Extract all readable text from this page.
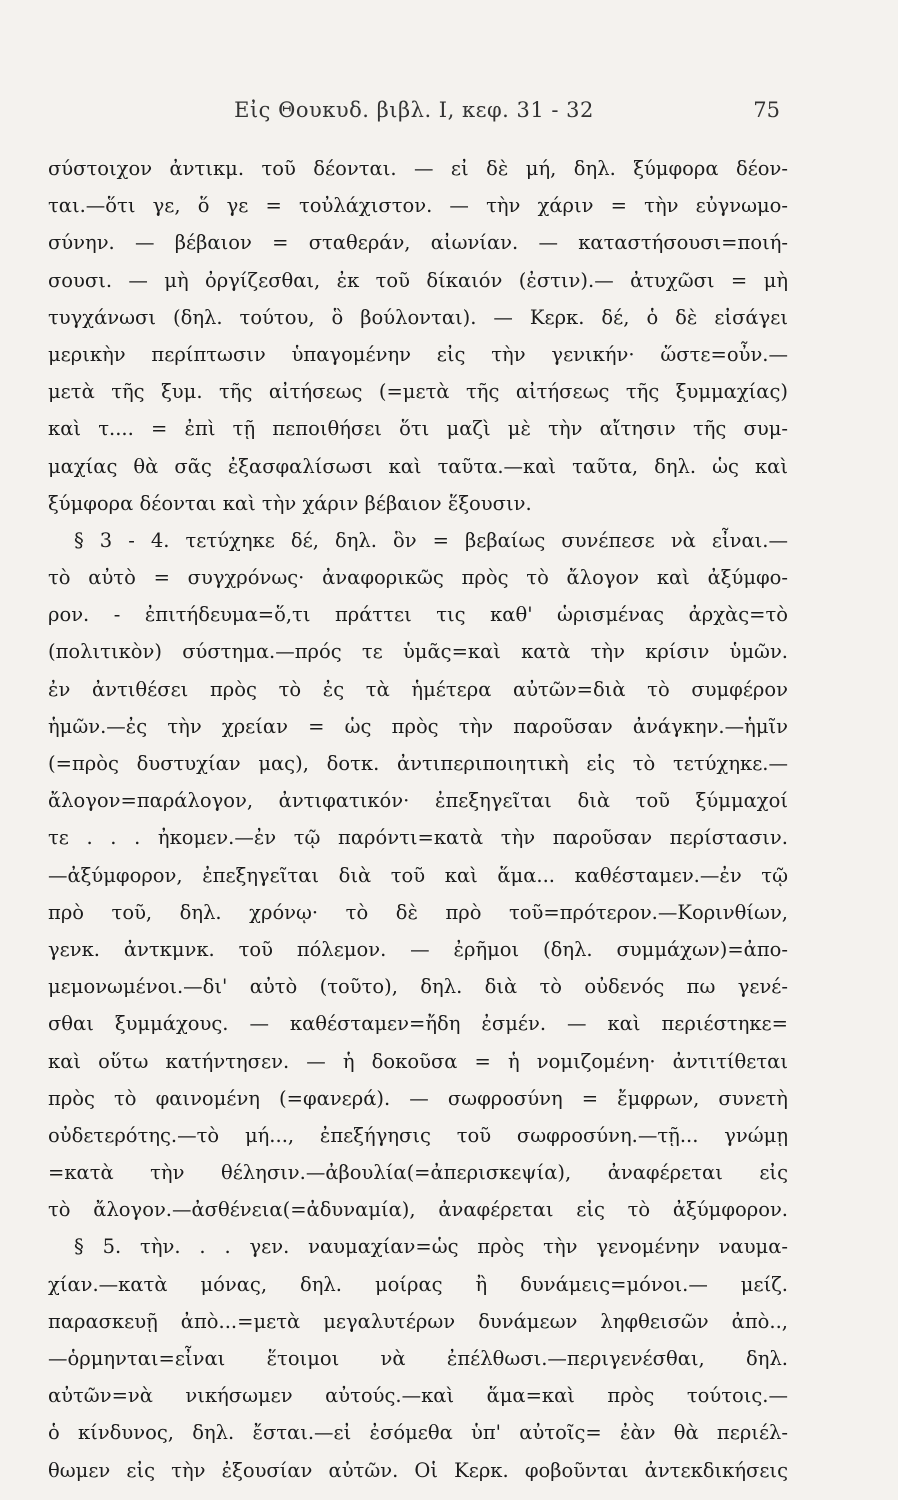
Εἰς Θουκυδ. βιβλ. Ι, κεφ. 31 - 32	75
σύστοιχον ἀντικμ. τοῦ δέονται. — εἰ δὲ μή, δηλ. ξύμφορα δέον-
ται.—ὅτι γε, ὅ γε = τοὐλάχιστον. — τὴν χάριν = τὴν εὐγνωμο-
σύνην. — βέβαιον = σταθεράν, αἰωνίαν. — καταστήσουσι=ποιή-
σουσι. — μὴ ὀργίζεσθαι, ἐκ τοῦ δίκαιόν (ἐστιν).— ἀτυχῶσι = μὴ
τυγχάνωσι (δηλ. τούτου, ὃ βούλονται). — Κερκ. δέ, ὁ δὲ εἰσάγει
μερικὴν περίπτωσιν ὑπαγομένην εἰς τὴν γενικήν· ὥστε=οὖν.—
μετὰ τῆς ξυμ. τῆς αἰτήσεως (=μετὰ τῆς αἰτήσεως τῆς ξυμμαχίας)
καὶ τ.... = ἐπὶ τῇ πεποιθήσει ὅτι μαζὶ μὲ τὴν αἴτησιν τῆς συμ-
μαχίας θὰ σᾶς ἐξασφαλίσωσι καὶ ταῦτα.—καὶ ταῦτα, δηλ. ὡς καὶ
ξύμφορα δέονται καὶ τὴν χάριν βέβαιον ἕξουσιν.
§ 3 - 4. τετύχηκε δέ, δηλ. ὃν = βεβαίως συνέπεσε νὰ εἶναι.—
τὸ αὐτὸ = συγχρόνως· ἀναφορικῶς πρὸς τὸ ἄλογον καὶ ἀξύμφο-
ρον. - ἐπιτήδευμα=ὅ,τι πράττει τις καθ' ὡρισμένας ἀρχὰς=τὸ
(πολιτικὸν) σύστημα.—πρός τε ὑμᾶς=καὶ κατὰ τὴν κρίσιν ὑμῶν.
ἐν ἀντιθέσει πρὸς τὸ ἐς τὰ ἡμέτερα αὐτῶν=διὰ τὸ συμφέρον
ἡμῶν.—ἐς τὴν χρείαν = ὡς πρὸς τὴν παροῦσαν ἀνάγκην.—ἡμῖν
(=πρὸς δυστυχίαν μας), δοτκ. ἀντιπεριποιητικὴ εἰς τὸ τετύχηκε.—
ἄλογον=παράλογον, ἀντιφατικόν· ἐπεξηγεῖται διὰ τοῦ ξύμμαχοί
τε . . . ἠκομεν.—ἐν τῷ παρόντι=κατὰ τὴν παροῦσαν περίστασιν.
—ἀξύμφορον, ἐπεξηγεῖται διὰ τοῦ καὶ ἅμα... καθέσταμεν.—ἐν τῷ
πρὸ τοῦ, δηλ. χρόνῳ· τὸ δὲ πρὸ τοῦ=πρότερον.—Κορινθίων,
γενκ. ἀντκμνκ. τοῦ πόλεμον. — ἐρῆμοι (δηλ. συμμάχων)=ἀπο-
μεμονωμένοι.—δι' αὐτὸ (τοῦτο), δηλ. διὰ τὸ οὐδενός πω γενέ-
σθαι ξυμμάχους. — καθέσταμεν=ἤδη ἐσμέν. — καὶ περιέστηκε=
καὶ οὕτω κατήντησεν. — ἡ δοκοῦσα = ἡ νομιζομένη· ἀντιτίθεται
πρὸς τὸ φαινομένη (=φανερά). — σωφροσύνη = ἔμφρων, συνετὴ
οὐδετερότης.—τὸ μή..., ἐπεξήγησις τοῦ σωφροσύνη.—τῇ... γνώμῃ
=κατὰ τὴν θέλησιν.—ἀβουλία(=ἀπερισκεψία), ἀναφέρεται εἰς
τὸ ἄλογον.—ἀσθένεια(=ἀδυναμία), ἀναφέρεται εἰς τὸ ἀξύμφορον.
§ 5. τὴν. . . γεν. ναυμαχίαν=ὡς πρὸς τὴν γενομένην ναυμα-
χίαν.—κατὰ μόνας, δηλ. μοίρας ἢ δυνάμεις=μόνοι.— μείζ.
παρασκευῇ ἀπὸ...=μετὰ μεγαλυτέρων δυνάμεων ληφθεισῶν ἀπὸ..,
—ὁρμηνται=εἶναι ἕτοιμοι νὰ ἐπέλθωσι.—περιγενέσθαι, δηλ.
αὐτῶν=νὰ νικήσωμεν αὐτούς.—καὶ ἅμα=καὶ πρὸς τούτοις.—
ὁ κίνδυνος, δηλ. ἔσται.—εἰ ἐσόμεθα ὑπ' αὐτοῖς= ἐὰν θὰ περιέλ-
θωμεν εἰς τὴν ἐξουσίαν αὐτῶν. Οἱ Κερκ. φοβοῦνται ἀντεκδικήσεις
